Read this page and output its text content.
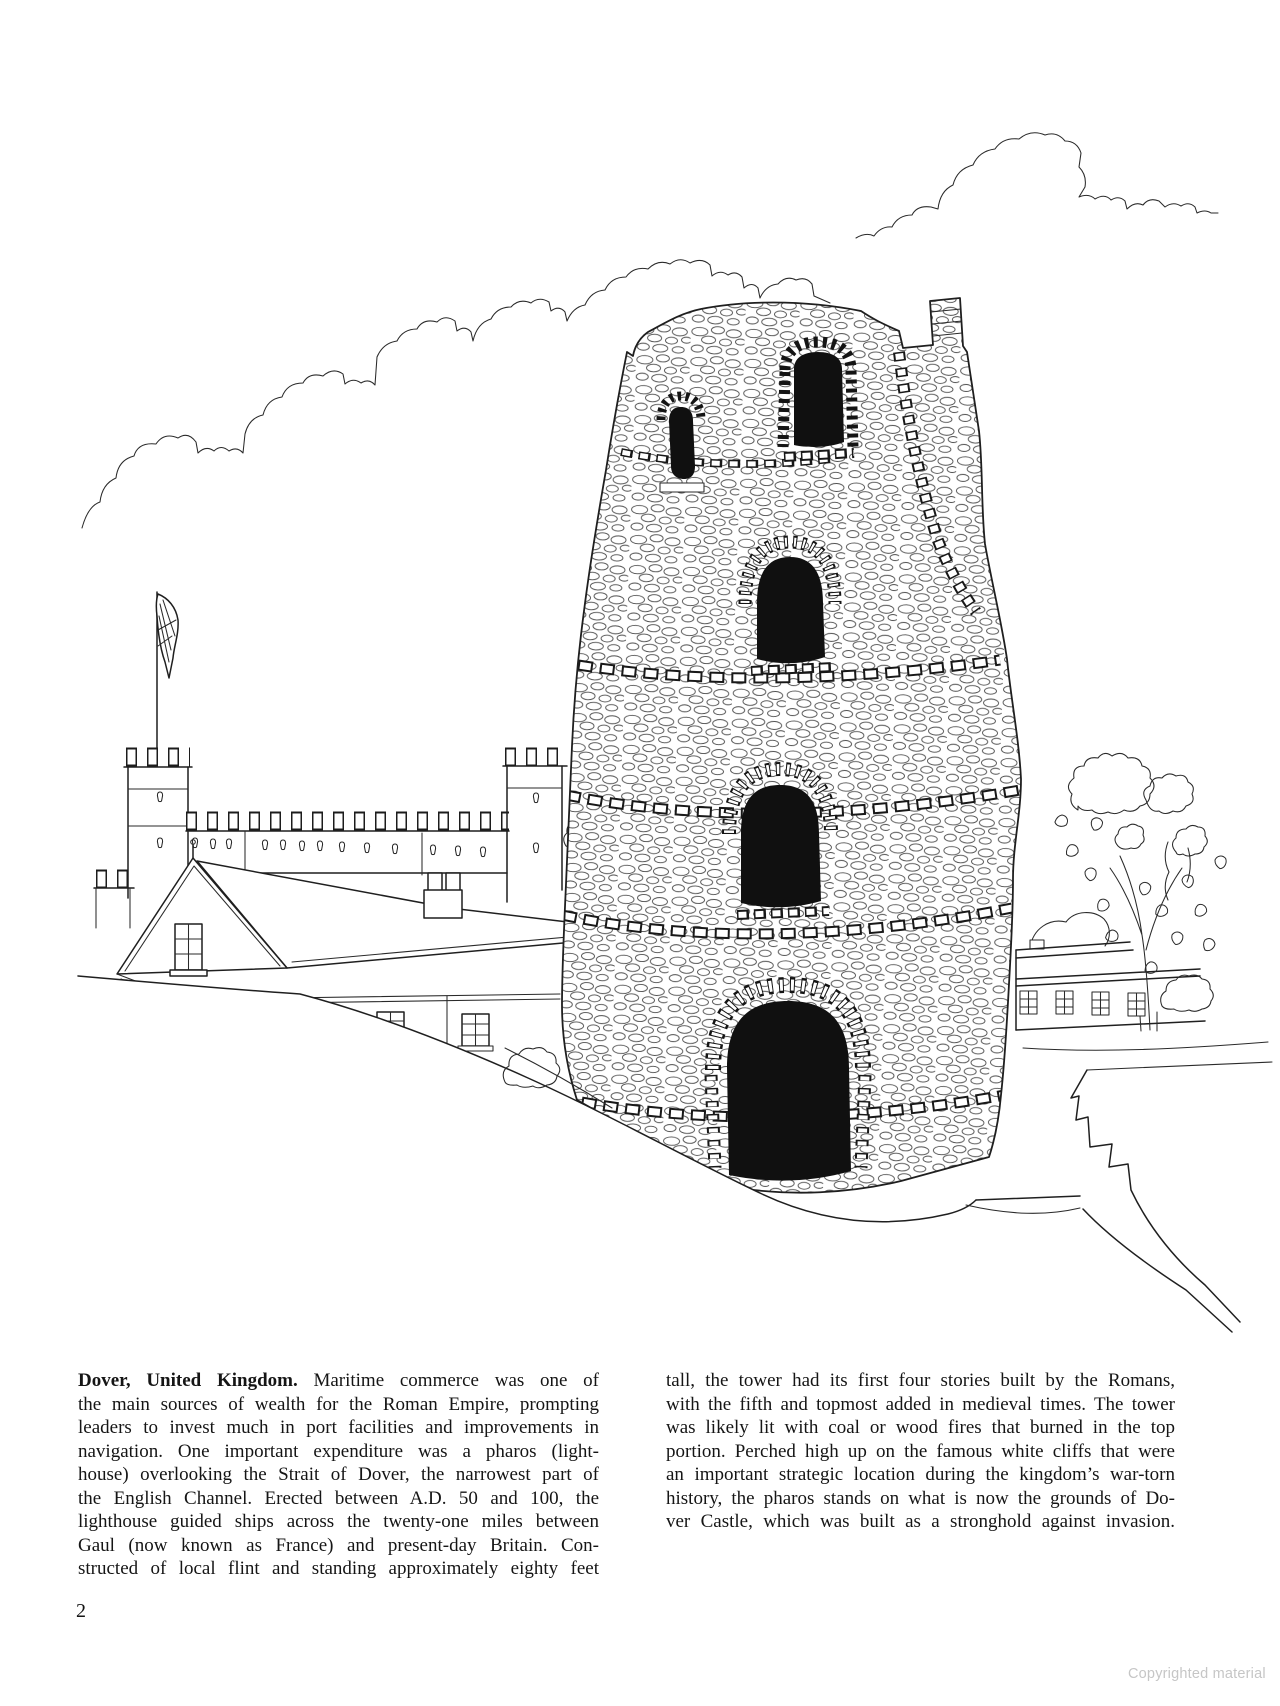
Dover, United Kingdom. Maritime commerce was one of
the main sources of wealth for the Roman Empire, prompting
leaders to invest much in port facilities and improvements in
navigation. One important expenditure was a pharos (light-
house) overlooking the Strait of Dover, the narrowest part of
the English Channel. Erected between A.D. 50 and 100, the
lighthouse guided ships across the twenty-one miles between
Gaul (now known as France) and present-day Britain. Con-
structed of local flint and standing approximately eighty feet
tall, the tower had its first four stories built by the Romans,
with the fifth and topmost added in medieval times. The tower
was likely lit with coal or wood fires that burned in the top
portion. Perched high up on the famous white cliffs that were
an important strategic location during the kingdom’s war-torn
history, the pharos stands on what is now the grounds of Do-
ver Castle, which was built as a stronghold against invasion.
2
Copyrighted material
